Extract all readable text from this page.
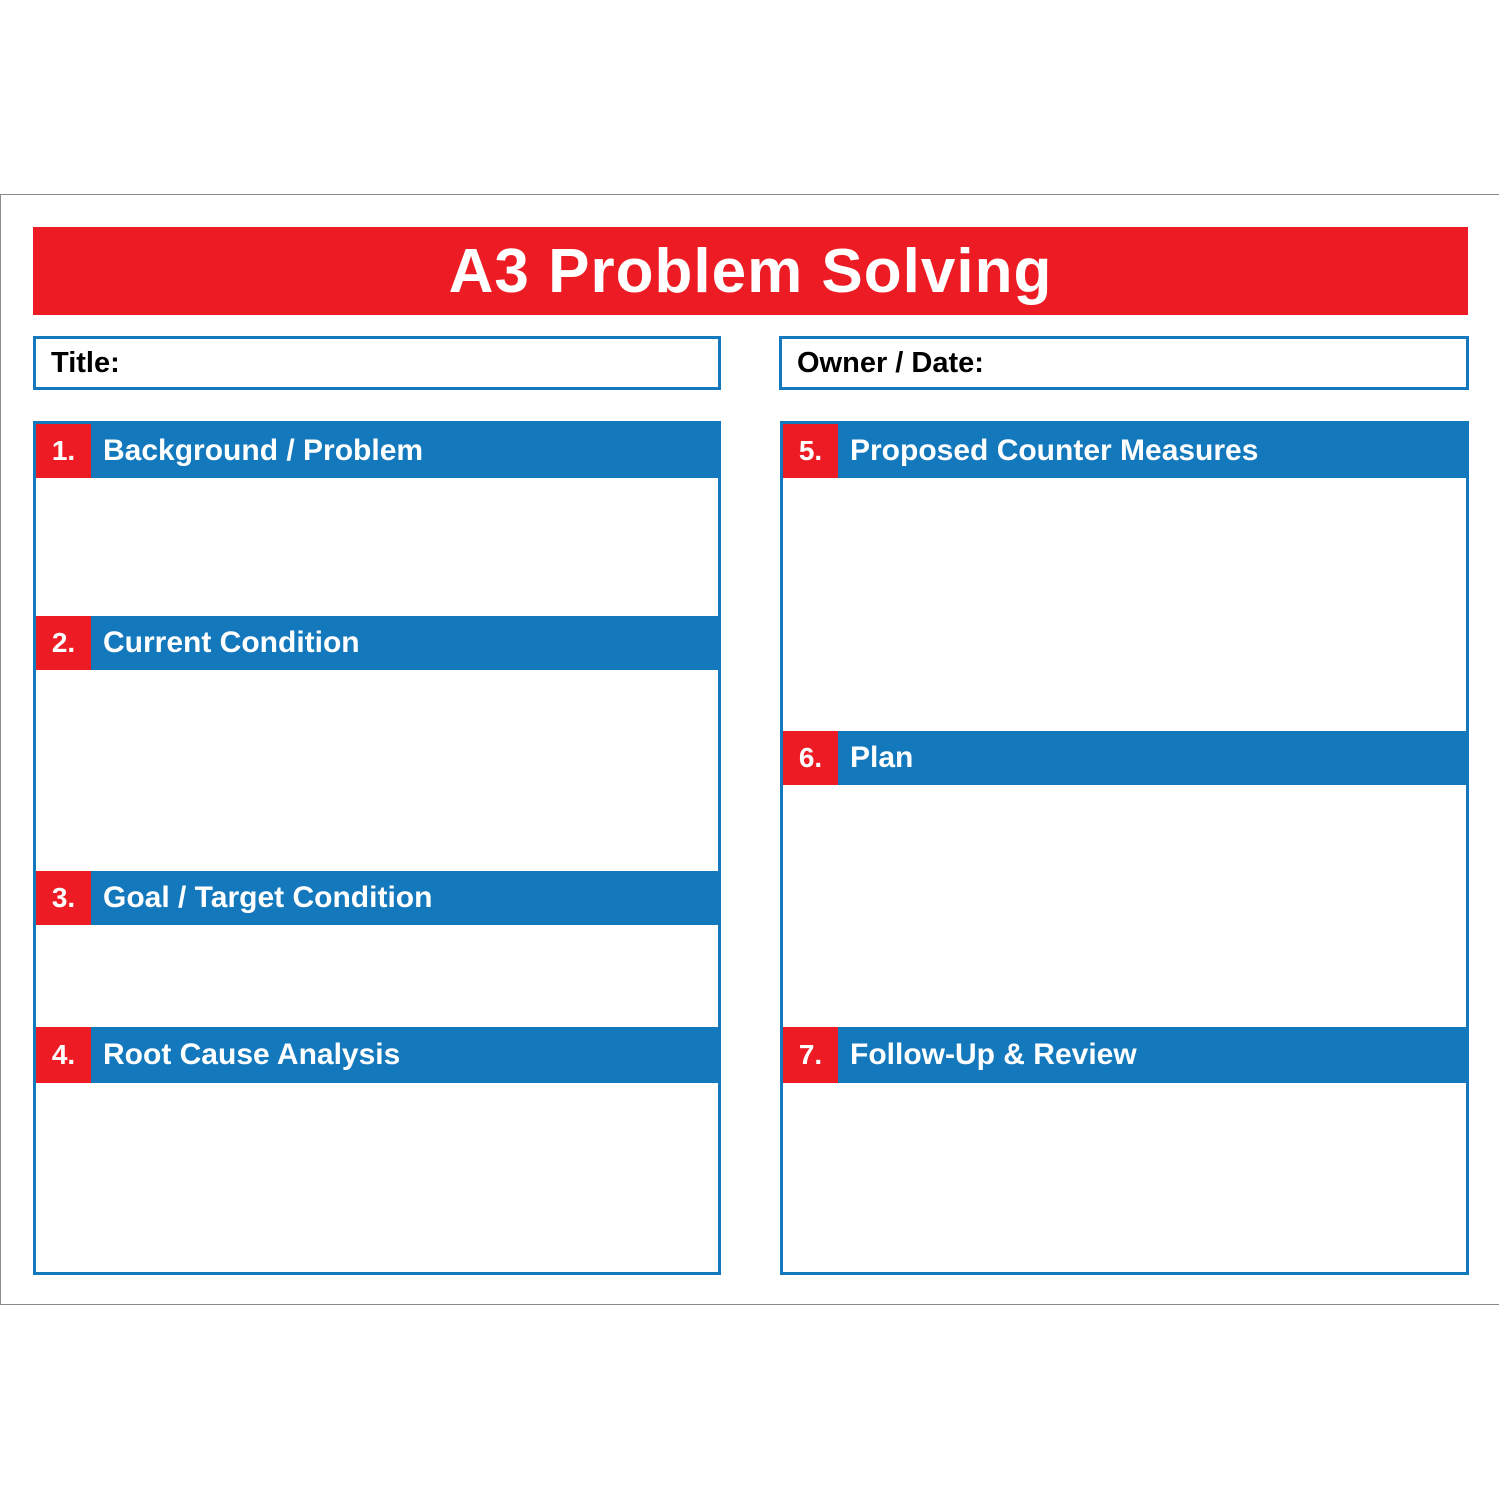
A3 Problem Solving
Title:	Owner / Date:
1. Background / Problem
2. Current Condition
3. Goal / Target Condition
4. Root Cause Analysis
5. Proposed Counter Measures
6. Plan
7. Follow-Up & Review
